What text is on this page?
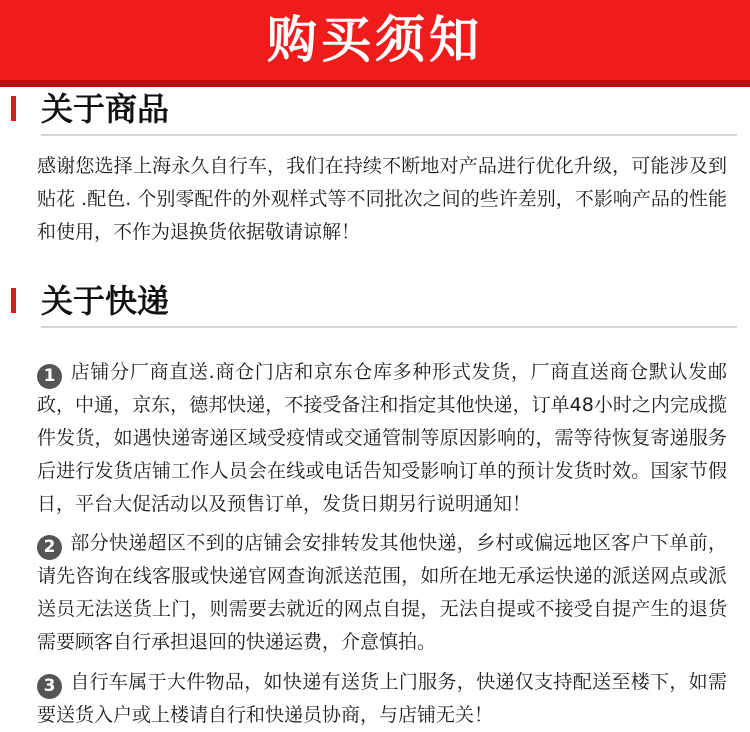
购买须知
关于商品

感谢您选择上海永久自行车，我们在持续不断地对产品进行优化升级，可能涉及到贴花 .配色. 个别零配件的外观样式等不同批次之间的些许差别，不影响产品的性能和使用，不作为退换货依据敬请谅解！

关于快递

1 店铺分厂商直送.商仓门店和京东仓库多种形式发货，厂商直送商仓默认发邮政，中通，京东，德邦快递，不接受备注和指定其他快递，订单48小时之内完成揽件发货，如遇快递寄递区域受疫情或交通管制等原因影响的，需等待恢复寄递服务后进行发货店铺工作人员会在线或电话告知受影响订单的预计发货时效。国家节假日，平台大促活动以及预售订单，发货日期另行说明通知！

2 部分快递超区不到的店铺会安排转发其他快递，乡村或偏远地区客户下单前，请先咨询在线客服或快递官网查询派送范围，如所在地无承运快递的派送网点或派送员无法送货上门，则需要去就近的网点自提，无法自提或不接受自提产生的退货需要顾客自行承担退回的快递运费，介意慎拍。

3 自行车属于大件物品，如快递有送货上门服务，快递仅支持配送至楼下，如需要送货入户或上楼请自行和快递员协商，与店铺无关！
